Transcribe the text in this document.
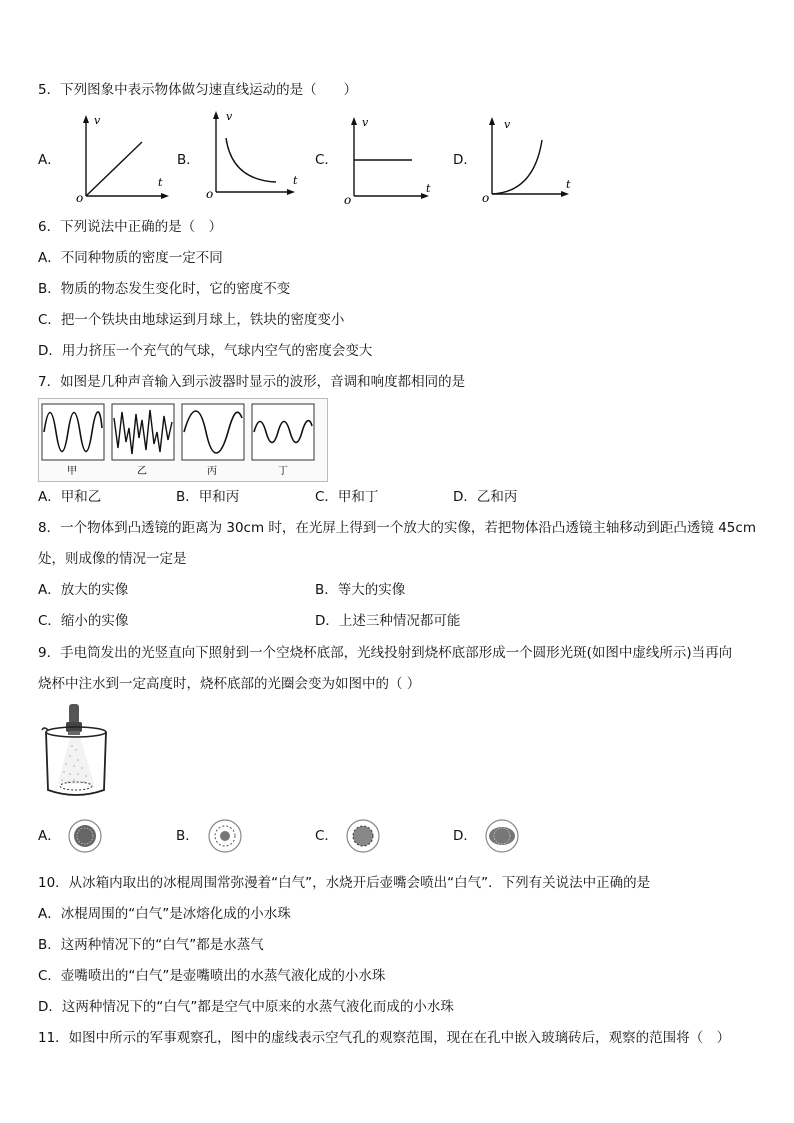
5．下列图象中表示物体做匀速直线运动的是（　　）
A．
v
t
o
B．
v
t
o
C．
v
t
o
D．
v
t
o
6．下列说法中正确的是（　）
A．不同种物质的密度一定不同
B．物质的物态发生变化时，它的密度不变
C．把一个铁块由地球运到月球上，铁块的密度变小
D．用力挤压一个充气的气球，气球内空气的密度会变大
7．如图是几种声音输入到示波器时显示的波形，音调和响度都相同的是
甲	乙	丙	丁
A．甲和乙	B．甲和丙	C．甲和丁	D．乙和丙
8．一个物体到凸透镜的距离为 30cm 时，在光屏上得到一个放大的实像，若把物体沿凸透镜主轴移动到距凸透镜 45cm
处，则成像的情况一定是
A．放大的实像	B．等大的实像
C．缩小的实像	D．上述三种情况都可能
9．手电筒发出的光竖直向下照射到一个空烧杯底部，光线投射到烧杯底部形成一个圆形光斑(如图中虚线所示)当再向
烧杯中注水到一定高度时，烧杯底部的光圈会变为如图中的（ ）
A．	B．	C．	D．
10．从冰箱内取出的冰棍周围常弥漫着“白气”，水烧开后壶嘴会喷出“白气”．下列有关说法中正确的是
A．冰棍周围的“白气”是冰熔化成的小水珠
B．这两种情况下的“白气”都是水蒸气
C．壶嘴喷出的“白气”是壶嘴喷出的水蒸气液化成的小水珠
D．这两种情况下的“白气”都是空气中原来的水蒸气液化而成的小水珠
11．如图中所示的军事观察孔，图中的虚线表示空气孔的观察范围，现在在孔中嵌入玻璃砖后，观察的范围将（　）
